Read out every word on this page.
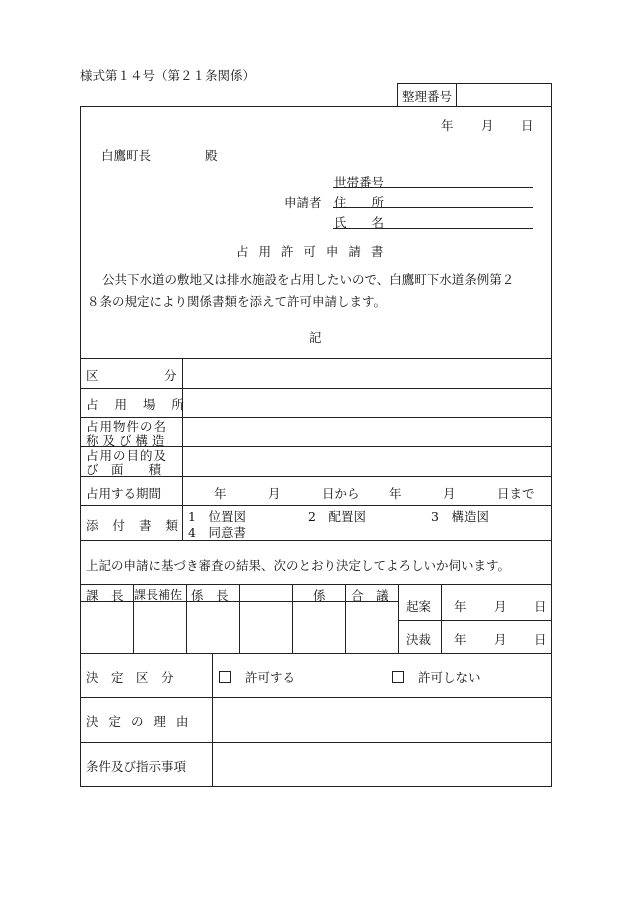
様式第１４号（第２１条関係）
整理番号
年 月 日
白鷹町長	殿
世帯番号
申請者 住　　所
氏　　名
占 用 許 可 申 請 書
公共下水道の敷地又は排水施設を占用したいので、白鷹町下水道条例第２
８条の規定により関係書類を添えて許可申請します。
記
区	分
占 用 場 所
占用物件の名
称 及 び 構 造
占用の目的及
び　面　　積
占用する期間	年	月	日から 年	月	日まで
添 付 書 類
1　位置図	2　配置図	3　構造図
4　同意書
上記の申請に基づき審査の結果、次のとおり決定してよろしいか伺います。
課　長 課長補佐 係　長	係 合　議
起案 年 月 日
決裁 年 月 日
決　定　区　分	許可する	許可しない
決 定 の 理 由
条件及び指示事項
